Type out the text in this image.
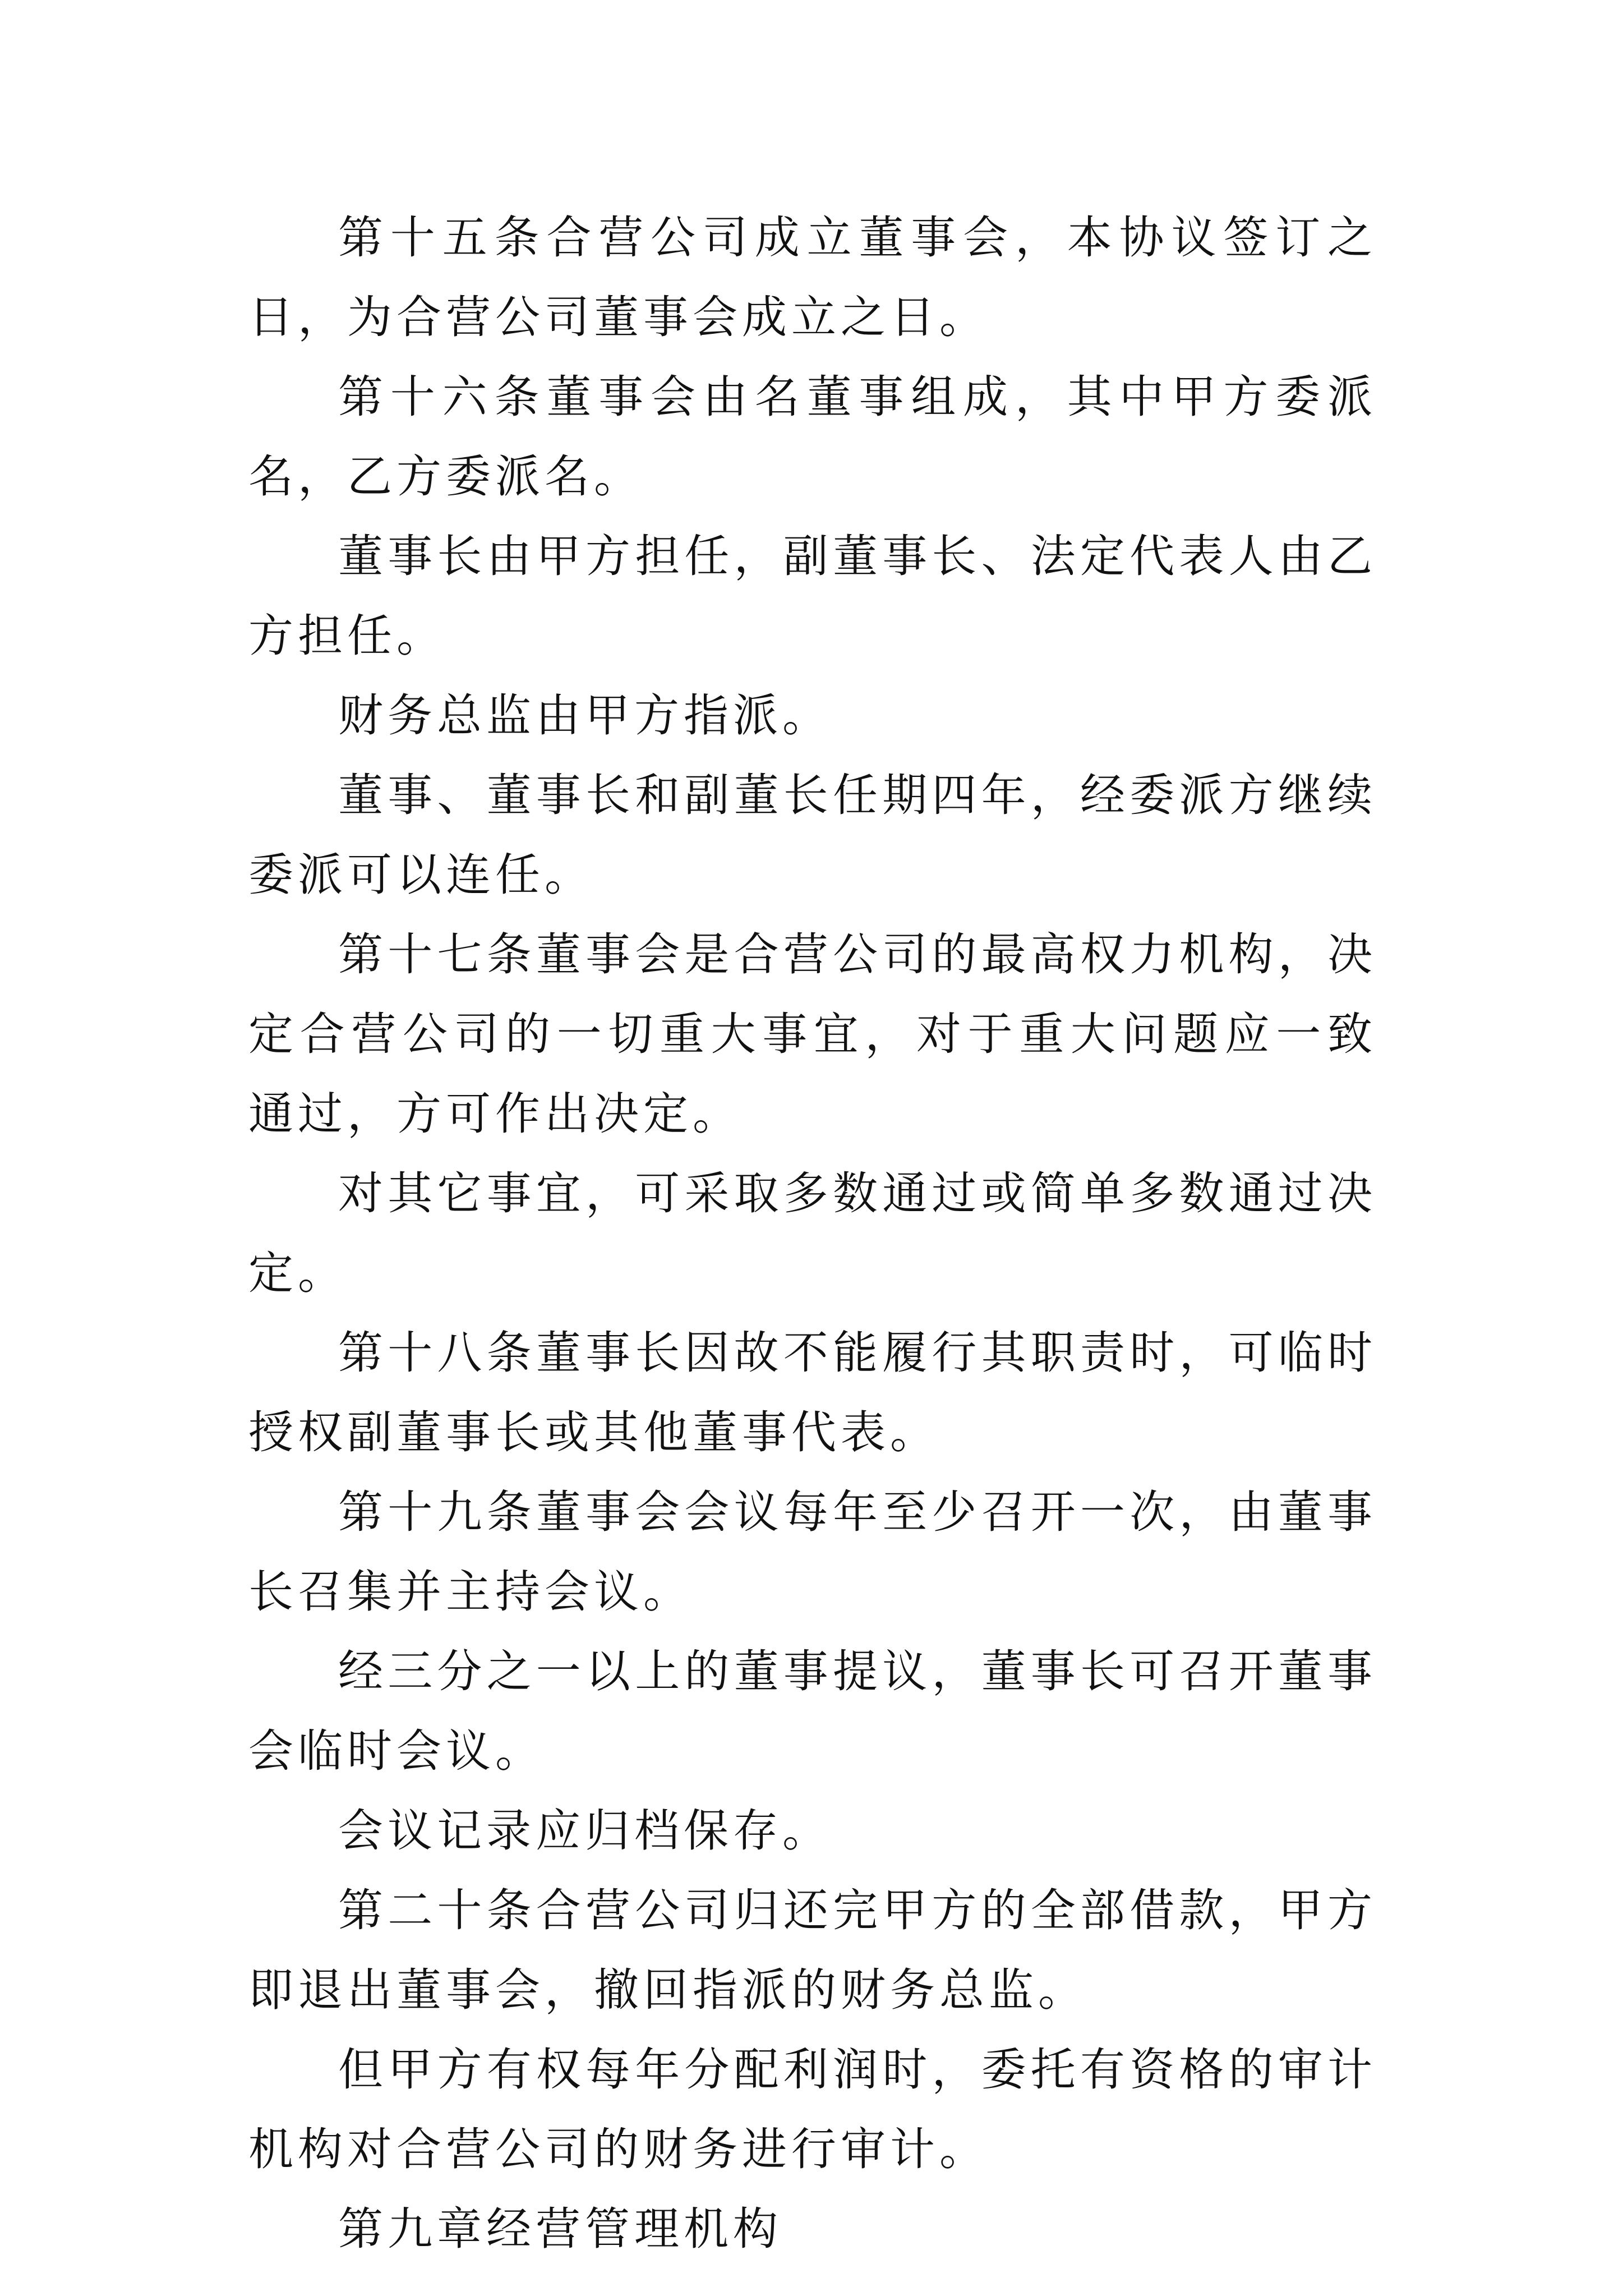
第十五条合营公司成立董事会，本协议签订之日，为合营公司董事会成立之日。

第十六条董事会由名董事组成，其中甲方委派名，乙方委派名。

董事长由甲方担任，副董事长、法定代表人由乙方担任。

财务总监由甲方指派。

董事、董事长和副董长任期四年，经委派方继续委派可以连任。

第十七条董事会是合营公司的最高权力机构，决定合营公司的一切重大事宜，对于重大问题应一致通过，方可作出决定。

对其它事宜，可采取多数通过或简单多数通过决定。

第十八条董事长因故不能履行其职责时，可临时授权副董事长或其他董事代表。

第十九条董事会会议每年至少召开一次，由董事长召集并主持会议。

经三分之一以上的董事提议，董事长可召开董事会临时会议。

会议记录应归档保存。

第二十条合营公司归还完甲方的全部借款，甲方即退出董事会，撤回指派的财务总监。

但甲方有权每年分配利润时，委托有资格的审计机构对合营公司的财务进行审计。

第九章经营管理机构
